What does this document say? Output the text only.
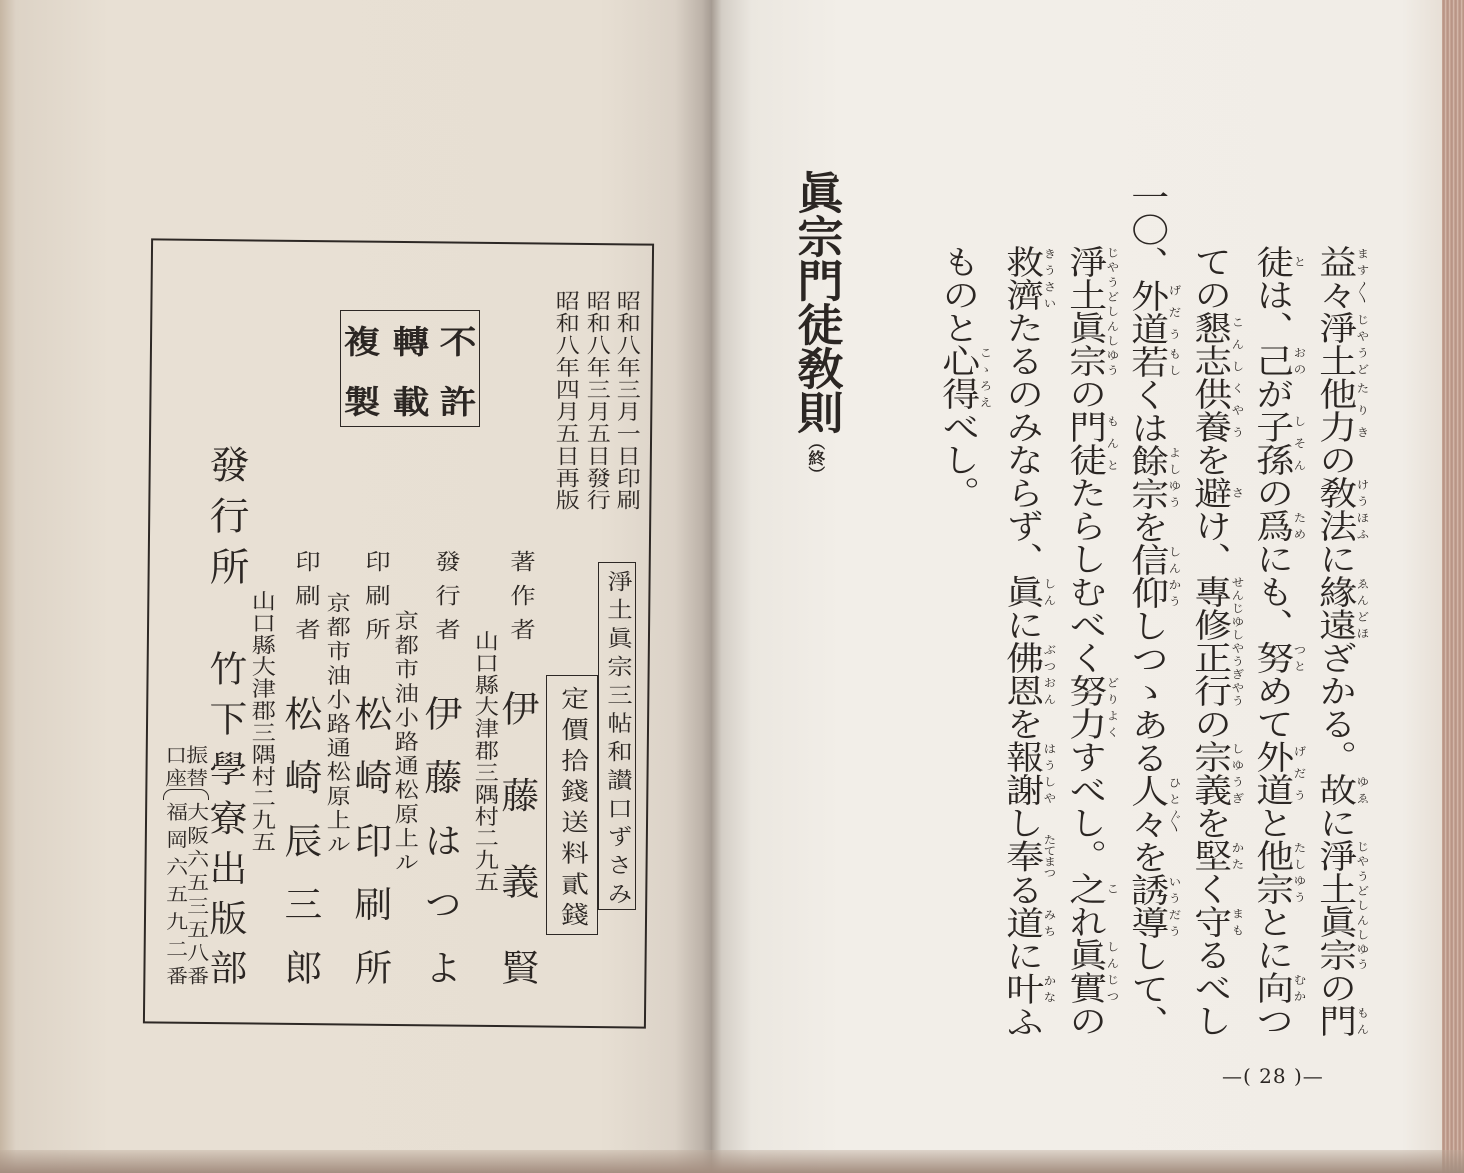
益々ます〳〵淨土じやうど他力たりきの敎法けうほふに緣遠ゑんどほざかる。故ゆゑに淨土眞宗じやうどしんしゆうの門もん
徒とは、己おのが子孫しそんの爲ためにも、努つとめて外道げだうと他宗たしゆうとに向むかつ
ての懇志こんし供養くやうを避さけ、專修正行せんじゆしやうぎやうの宗義しゆうぎを堅かたく守まもるべし
一〇、外道げだう若もしくは餘宗よしゆうを信仰しんかうしつゝある人々ひと〴〵を誘導いうだうして、
淨土眞宗じやうどしんしゆうの門徒もんとたらしむべく努力どりよくすべし。之これ眞實しんじつの
救濟きうさいたるのみならず、眞しんに佛恩ぶつおんを報謝はうしやし奉たてまつる道みちに叶かなふ
ものと心得こゝろえべし。
眞宗門徒敎則（終）
—( 28 )—
昭和八年三月一日印刷
昭和八年三月五日發行
昭和八年四月五日再版
不許
轉載
複製
淨土眞宗三帖和讃口ずさみ
定價拾錢送料貳錢
著作者
伊藤義賢
山口縣大津郡三隅村二九五
發行者
伊藤はつよ
京都市油小路通松原上ル
印刷所
松崎印刷所
京都市油小路通松原上ル
印刷者
松崎辰三郎
山口縣大津郡三隅村二九五
發行所
竹下學寮出版部
振替
口座
大阪六五三五八番
福岡六五九二番
